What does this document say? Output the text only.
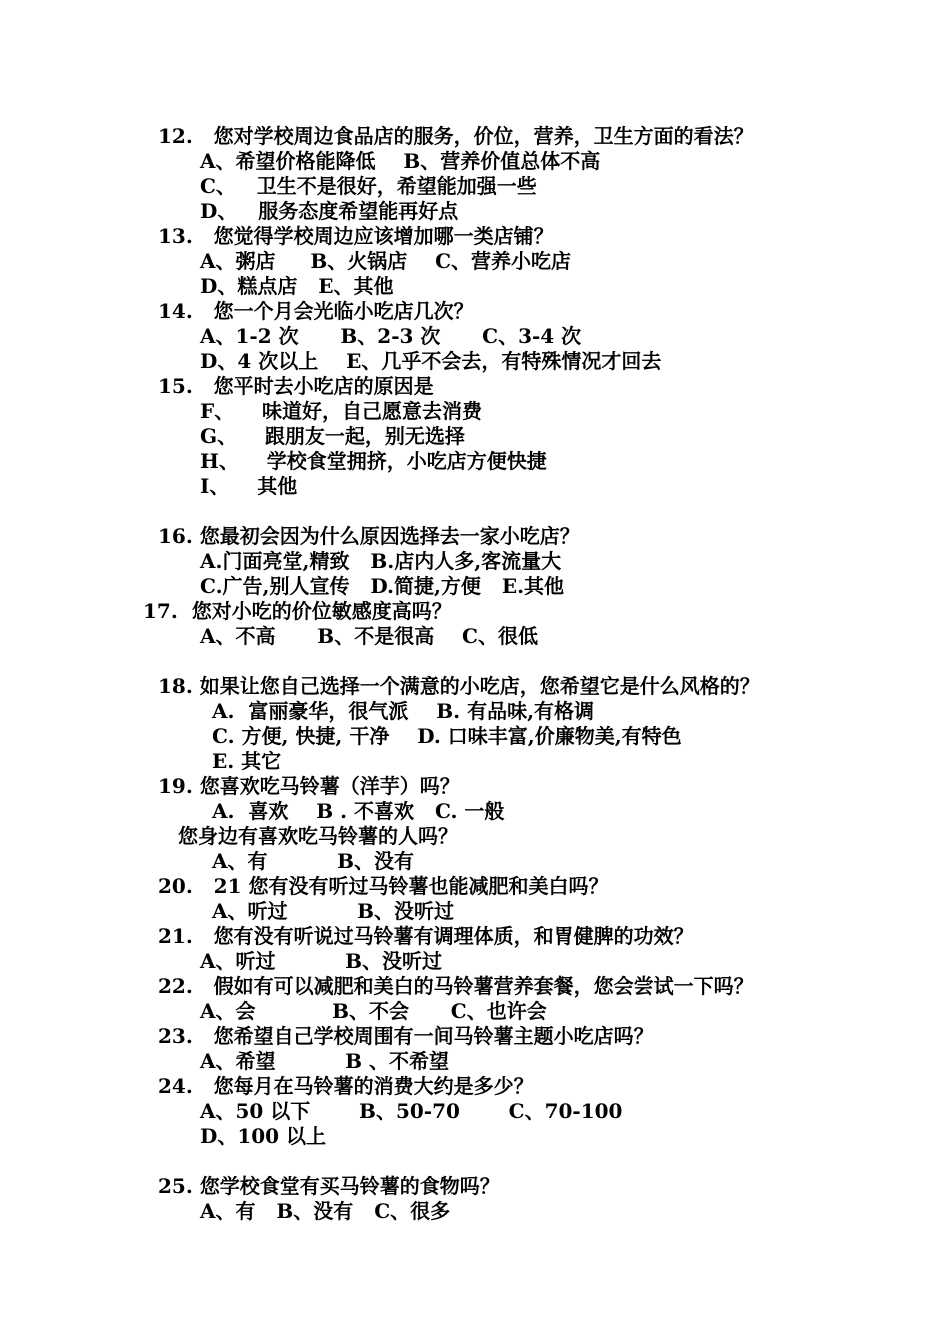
12.   您对学校周边食品店的服务，价位，营养，卫生方面的看法？
A、希望价格能降低    B、营养价值总体不高
C、   卫生不是很好，希望能加强一些
D、   服务态度希望能再好点
13.   您觉得学校周边应该增加哪一类店铺？
A、粥店     B、火锅店    C、营养小吃店
D、糕点店   E、其他
14.   您一个月会光临小吃店几次？
A、1-2 次      B、2-3 次      C、3-4 次
D、4 次以上    E、几乎不会去，有特殊情况才回去
15.   您平时去小吃店的原因是
F、    味道好，自己愿意去消费
G、    跟朋友一起，别无选择
H、    学校食堂拥挤，小吃店方便快捷
I、    其他
16. 您最初会因为什么原因选择去一家小吃店？
A.门面亮堂,精致   B.店内人多,客流量大
C.广告,别人宣传   D.简捷,方便   E.其他
17.  您对小吃的价位敏感度高吗？
A、不高      B、不是很高    C、很低
18. 如果让您自己选择一个满意的小吃店，您希望它是什么风格的？
A.  富丽豪华，很气派    B. 有品味,有格调
C. 方便, 快捷, 干净    D. 口味丰富,价廉物美,有特色
E. 其它
19. 您喜欢吃马铃薯（洋芋）吗？
A.  喜欢    B . 不喜欢   C. 一般
您身边有喜欢吃马铃薯的人吗？
A、有          B、没有
20.   21 您有没有听过马铃薯也能减肥和美白吗？
A、听过          B、没听过
21.   您有没有听说过马铃薯有调理体质，和胃健脾的功效？
A、听过          B、没听过
22.   假如有可以减肥和美白的马铃薯营养套餐，您会尝试一下吗？
A、会           B、不会      C、也许会
23.   您希望自己学校周围有一间马铃薯主题小吃店吗？
A、希望          B 、不希望
24.   您每月在马铃薯的消费大约是多少？
A、50 以下       B、50-70       C、70-100
D、100 以上
25. 您学校食堂有买马铃薯的食物吗？
A、有   B、没有   C、很多
